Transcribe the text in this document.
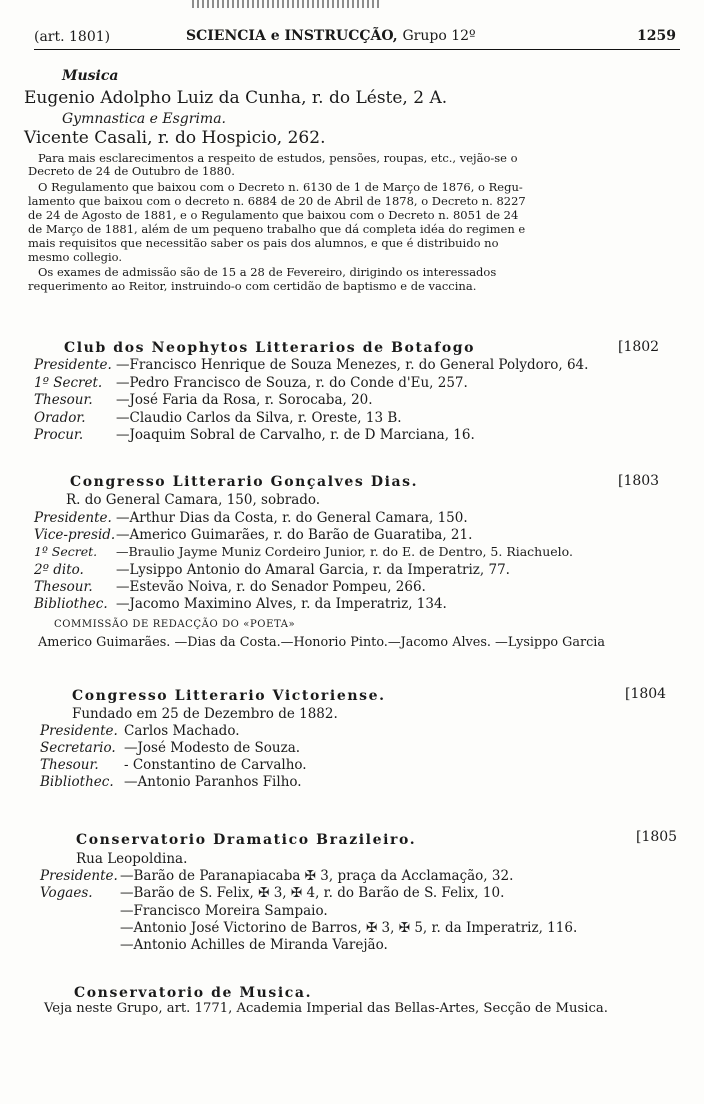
(art. 1801)	SCIENCIA e INSTRUCÇÃO, Grupo 12º	1259
Musica
Eugenio Adolpho Luiz da Cunha, r. do Léste, 2 A.
Gymnastica e Esgrima.
Vicente Casali, r. do Hospicio, 262.
Para mais esclarecimentos a respeito de estudos, pensões, roupas, etc., vejão-se o
Decreto de 24 de Outubro de 1880.
O Regulamento que baixou com o Decreto n. 6130 de 1 de Março de 1876, o Regu-
lamento que baixou com o decreto n. 6884 de 20 de Abril de 1878, o Decreto n. 8227
de 24 de Agosto de 1881, e o Regulamento que baixou com o Decreto n. 8051 de 24
de Março de 1881, além de um pequeno trabalho que dá completa idéa do regimen e
mais requisitos que necessitão saber os pais dos alumnos, e que é distribuido no
mesmo collegio.
Os exames de admissão são de 15 a 28 de Fevereiro, dirigindo os interessados
requerimento ao Reitor, instruindo-o com certidão de baptismo e de vaccina.
Club dos Neophytos Litterarios de Botafogo	[1802
Presidente. —Francisco Henrique de Souza Menezes, r. do General Polydoro, 64.
1º Secret. —Pedro Francisco de Souza, r. do Conde d'Eu, 257.
Thesour. —José Faria da Rosa, r. Sorocaba, 20.
Orador. —Claudio Carlos da Silva, r. Oreste, 13 B.
Procur. —Joaquim Sobral de Carvalho, r. de D Marciana, 16.
Congresso Litterario Gonçalves Dias.	[1803
R. do General Camara, 150, sobrado.
Presidente. —Arthur Dias da Costa, r. do General Camara, 150.
Vice-presid.—Americo Guimarães, r. do Barão de Guaratiba, 21.
1º Secret. —Braulio Jayme Muniz Cordeiro Junior, r. do E. de Dentro, 5. Riachuelo.
2º dito. —Lysippo Antonio do Amaral Garcia, r. da Imperatriz, 77.
Thesour. —Estevão Noiva, r. do Senador Pompeu, 266.
Bibliothec. —Jacomo Maximino Alves, r. da Imperatriz, 134.
COMMISSÃO DE REDACÇÃO DO «POETA»
Americo Guimarães. —Dias da Costa.—Honorio Pinto.—Jacomo Alves. —Lysippo Garcia
Congresso Litterario Victoriense.	[1804
Fundado em 25 de Dezembro de 1882.
Presidente. Carlos Machado.
Secretario. —José Modesto de Souza.
Thesour. - Constantino de Carvalho.
Bibliothec. —Antonio Paranhos Filho.
Conservatorio Dramatico Brazileiro.	[1805
Rua Leopoldina.
Presidente. —Barão de Paranapiacaba ✠ 3, praça da Acclamação, 32.
Vogaes. —Barão de S. Felix, ✠ 3, ✠ 4, r. do Barão de S. Felix, 10.
—Francisco Moreira Sampaio.
—Antonio José Victorino de Barros, ✠ 3, ✠ 5, r. da Imperatriz, 116.
—Antonio Achilles de Miranda Varejão.
Conservatorio de Musica.
Veja neste Grupo, art. 1771, Academia Imperial das Bellas-Artes, Secção de Musica.
